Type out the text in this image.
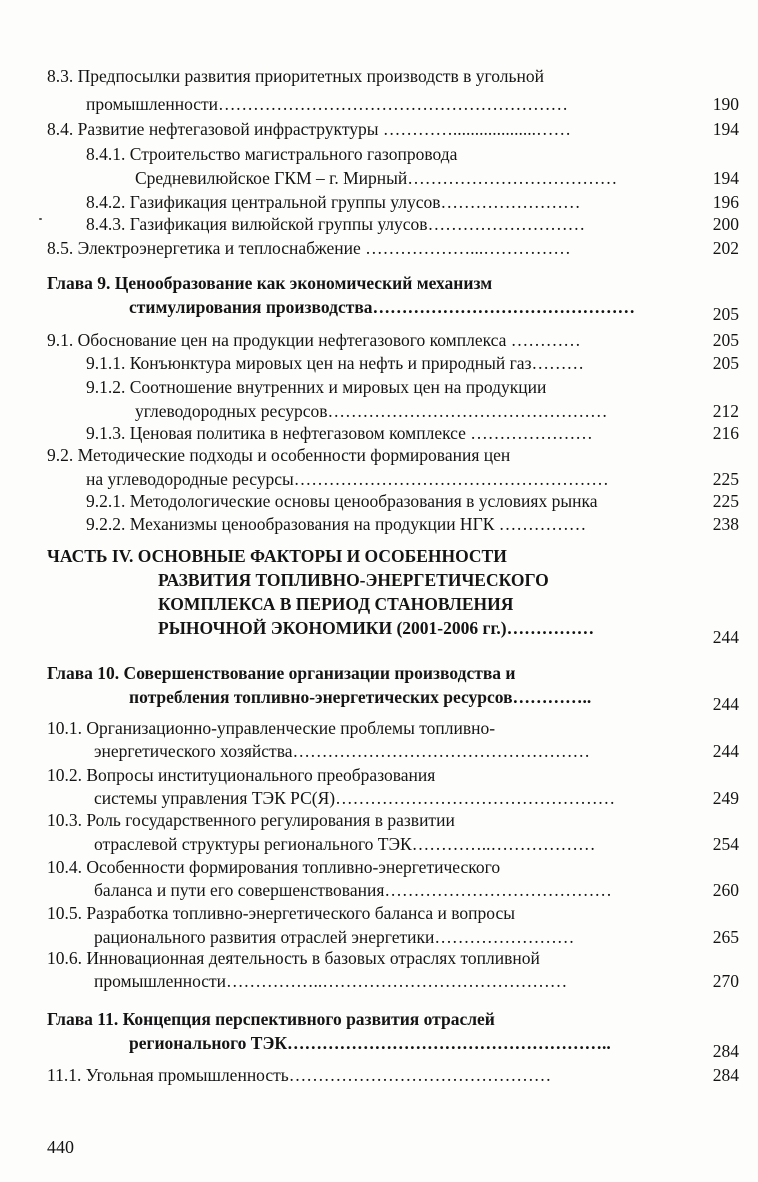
8.3. Предпосылки развития приоритетных производств в угольной
промышленности……………………………………………………	190
8.4. Развитие нефтегазовой инфраструктуры …………...................……	194
8.4.1. Строительство магистрального газопровода
Средневилюйское ГКМ – г. Мирный………………………………	194
8.4.2. Газификация центральной группы улусов……………………	196
8.4.3. Газификация вилюйской группы улусов………………………	200
8.5. Электроэнергетика и теплоснабжение ………………...……………	202
Глава 9. Ценообразование как экономический механизм
стимулирования производства………………………………………	205
9.1. Обоснование цен на продукции нефтегазового комплекса …………	205
9.1.1. Конъюнктура мировых цен на нефть и природный газ………	205
9.1.2. Соотношение внутренних и мировых цен на продукции
углеводородных ресурсов…………………………………………	212
9.1.3. Ценовая политика в нефтегазовом комплексе …………………	216
9.2. Методические подходы и особенности формирования цен
на углеводородные ресурсы………………………………………………	225
9.2.1. Методологические основы ценообразования в условиях рынка	225
9.2.2. Механизмы ценообразования на продукции НГК ……………	238
ЧАСТЬ IV. ОСНОВНЫЕ ФАКТОРЫ И ОСОБЕННОСТИ
РАЗВИТИЯ ТОПЛИВНО-ЭНЕРГЕТИЧЕСКОГО
КОМПЛЕКСА В ПЕРИОД СТАНОВЛЕНИЯ
РЫНОЧНОЙ ЭКОНОМИКИ (2001-2006 гг.)……………	244
Глава 10. Совершенствование организации производства и
потребления топливно-энергетических ресурсов…………..	244
10.1. Организационно-управленческие проблемы топливно-
энергетического хозяйства……………………………………………	244
10.2. Вопросы институционального преобразования
системы управления ТЭК РС(Я)…………………………………………	249
10.3. Роль государственного регулирования в развитии
отраслевой структуры регионального ТЭК…………..………………	254
10.4. Особенности формирования топливно-энергетического
баланса и пути его совершенствования…………………………………	260
10.5. Разработка топливно-энергетического баланса и вопросы
рационального развития отраслей энергетики……………………	265
10.6. Инновационная деятельность в базовых отраслях топливной
промышленности……………..……………………………………	270
Глава 11. Концепция перспективного развития отраслей
регионального ТЭК………………………………………………..	284
11.1. Угольная промышленность………………………………………	284
440
